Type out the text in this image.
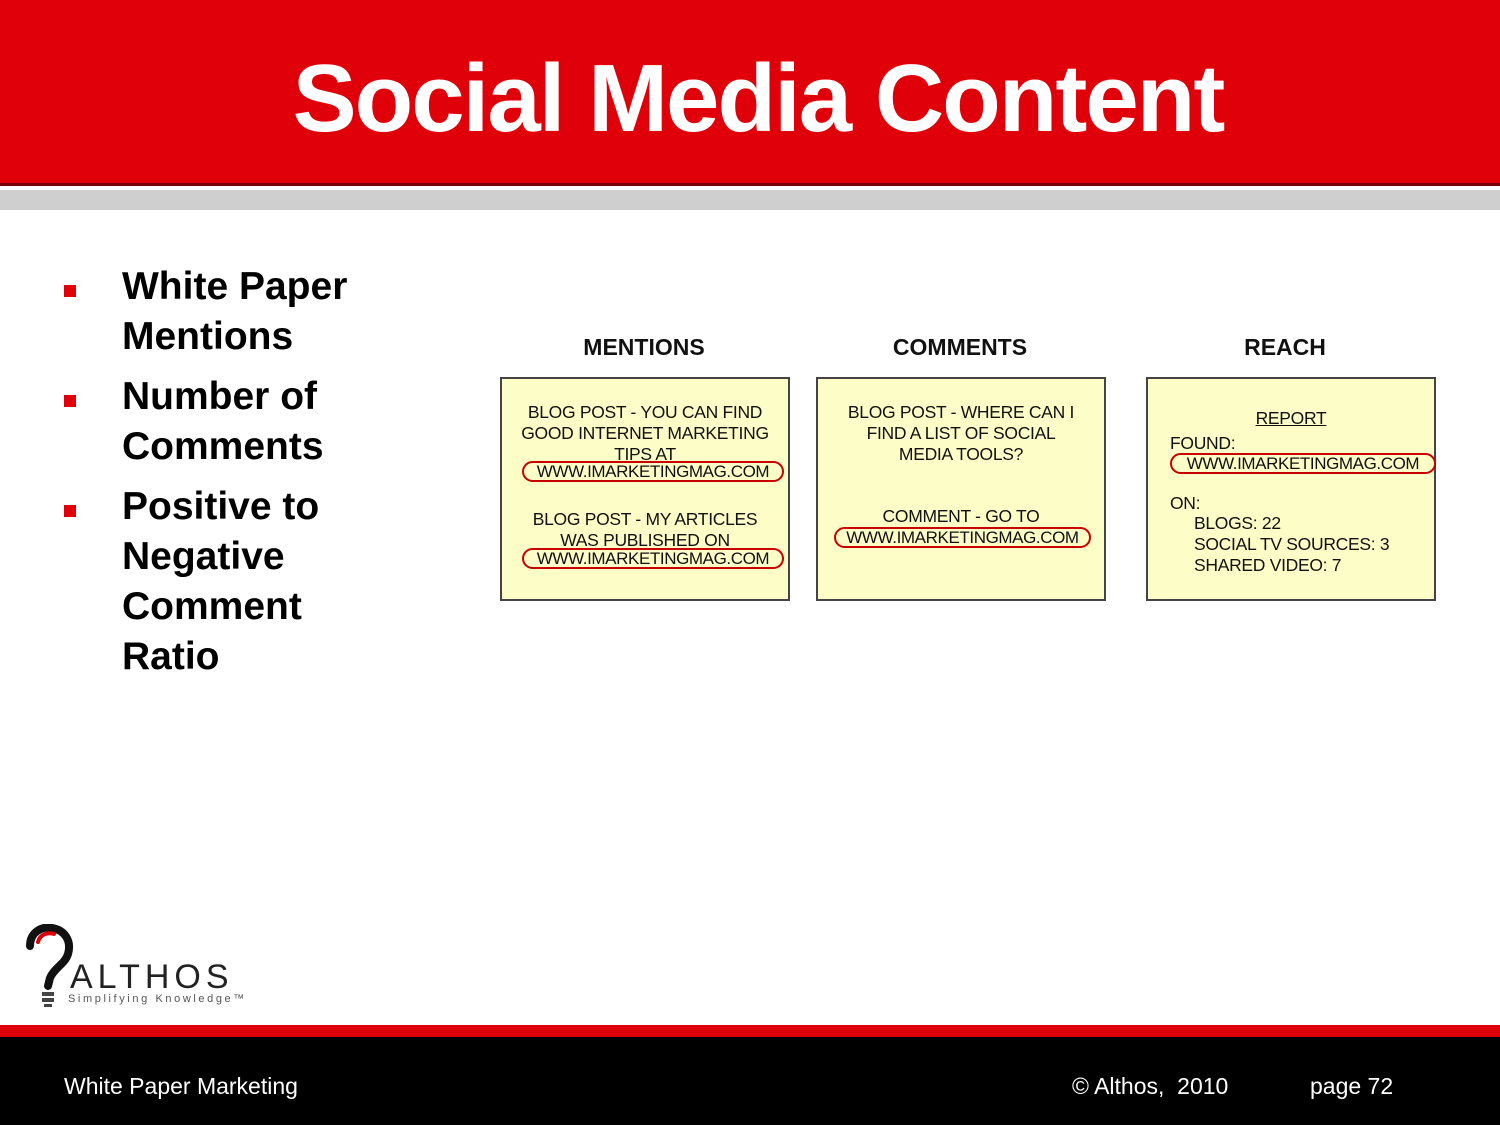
Social Media Content
White Paper
Mentions
Number of
Comments
Positive to
Negative
Comment
Ratio
MENTIONS	COMMENTS	REACH
BLOG POST - YOU CAN FIND
GOOD INTERNET MARKETING
TIPS AT
WWW.IMARKETINGMAG.COM
BLOG POST - MY ARTICLES
WAS PUBLISHED ON
WWW.IMARKETINGMAG.COM
BLOG POST - WHERE CAN I
FIND A LIST OF SOCIAL
MEDIA TOOLS?
COMMENT - GO TO
WWW.IMARKETINGMAG.COM
REPORT
FOUND:
WWW.IMARKETINGMAG.COM
ON:
BLOGS: 22
SOCIAL TV SOURCES: 3
SHARED VIDEO: 7
ALTHOS
Simplifying Knowledge™
White Paper Marketing	© Althos,  2010	page 72
